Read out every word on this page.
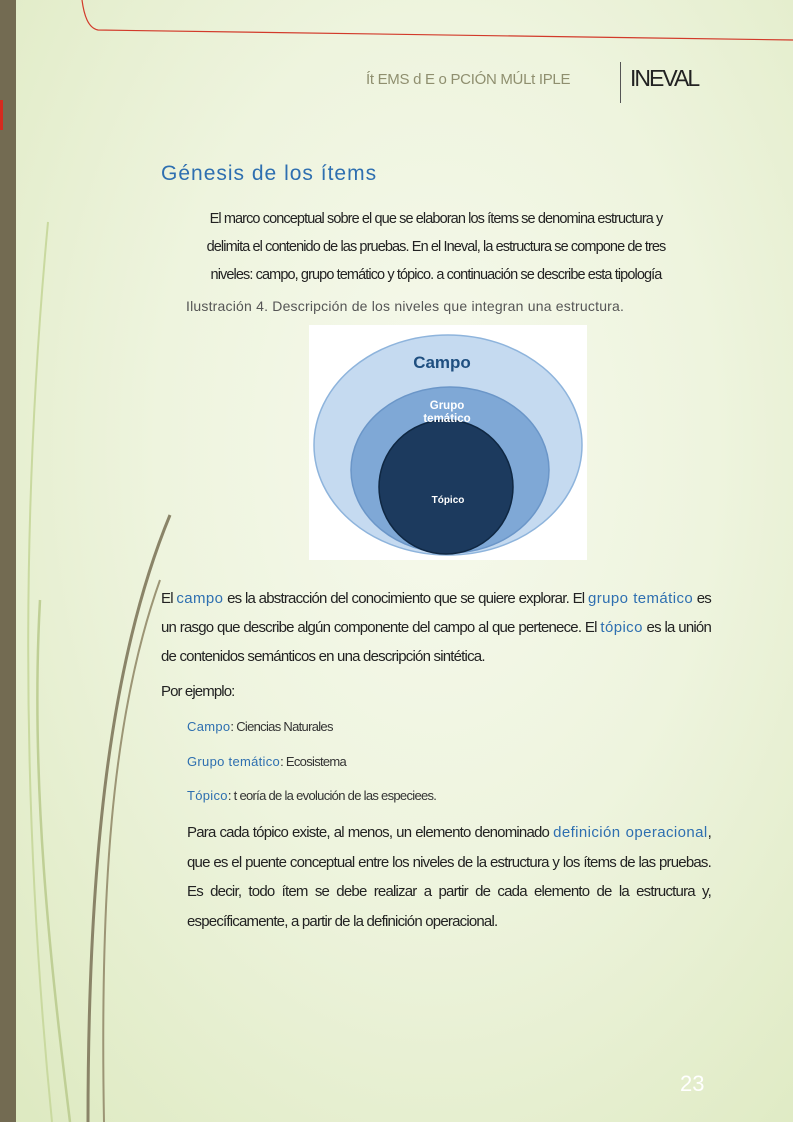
Ít EMS d E o PCIÓN MÚLt IPLE	INEVAL
Génesis de los ítems
El marco conceptual sobre el que se elaboran los ítems se denomina estructura y
delimita el contenido de las pruebas. En el Ineval, la estructura se compone de tres
niveles: campo, grupo temático y tópico. a continuación se describe esta tipología
Ilustración 4. Descripción de los niveles que integran una estructura.
Campo
Grupo temático
Tópico
El campo es la abstracción del conocimiento que se quiere explorar. El grupo temático es un rasgo que describe algún componente del campo al que pertenece. El tópico es la unión de contenidos semánticos en una descripción sintética.
Por ejemplo:
Campo: Ciencias Naturales
Grupo temático: Ecosistema
Tópico: t eoría de la evolución de las especiees.
Para cada tópico existe, al menos, un elemento denominado definición operacional, que es el puente conceptual entre los niveles de la estructura y los ítems de las pruebas. Es decir, todo ítem se debe realizar a partir de cada elemento de la estructura y, específicamente, a partir de la definición operacional.
23
